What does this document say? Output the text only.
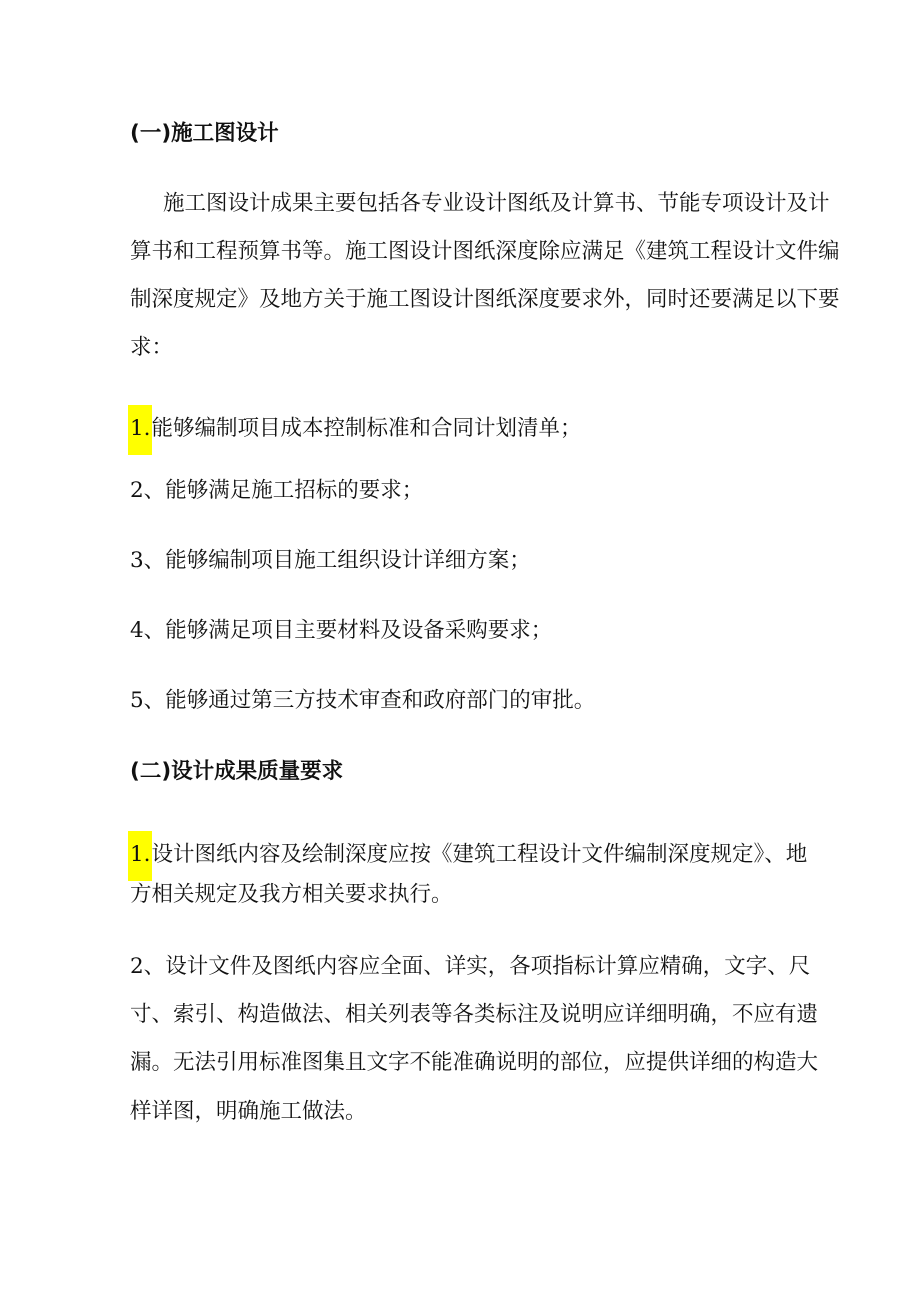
(一)施工图设计
施工图设计成果主要包括各专业设计图纸及计算书、节能专项设计及计
算书和工程预算书等。施工图设计图纸深度除应满足《建筑工程设计文件编
制深度规定》及地方关于施工图设计图纸深度要求外，同时还要满足以下要
求：
1.能够编制项目成本控制标准和合同计划清单；
2、能够满足施工招标的要求；
3、能够编制项目施工组织设计详细方案；
4、能够满足项目主要材料及设备采购要求；
5、能够通过第三方技术审查和政府部门的审批。
(二)设计成果质量要求
1.设计图纸内容及绘制深度应按《建筑工程设计文件编制深度规定》、地
方相关规定及我方相关要求执行。
2、设计文件及图纸内容应全面、详实，各项指标计算应精确，文字、尺
寸、索引、构造做法、相关列表等各类标注及说明应详细明确，不应有遗
漏。无法引用标准图集且文字不能准确说明的部位，应提供详细的构造大
样详图，明确施工做法。
